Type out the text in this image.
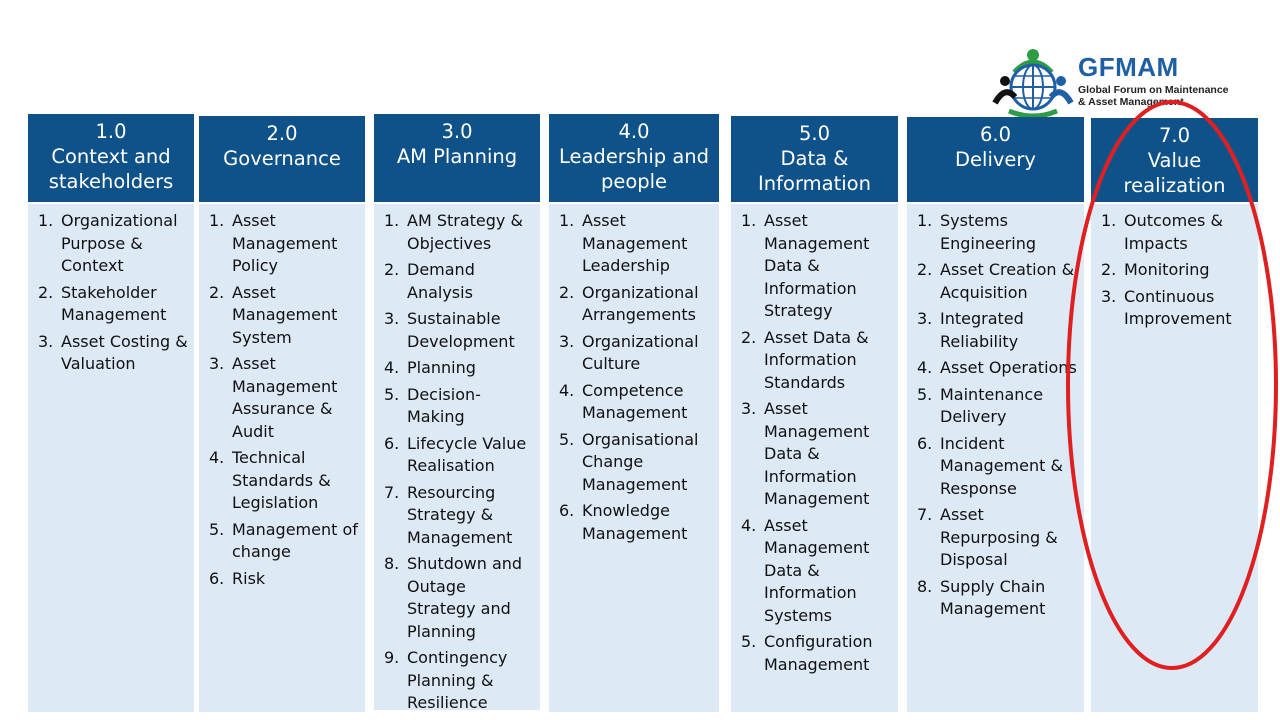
GFMAM
Global Forum on Maintenance
& Asset Management
1.0
Context and
stakeholders
1. Organizational Purpose & Context
2. Stakeholder Management
3. Asset Costing & Valuation
2.0
Governance
1. Asset Management Policy
2. Asset Management System
3. Asset Management Assurance & Audit
4. Technical Standards & Legislation
5. Management of change
6. Risk
3.0
AM Planning
1. AM Strategy & Objectives
2. Demand Analysis
3. Sustainable Development
4. Planning
5. Decision-Making
6. Lifecycle Value Realisation
7. Resourcing Strategy & Management
8. Shutdown and Outage Strategy and Planning
9. Contingency Planning & Resilience
4.0
Leadership and
people
1. Asset Management Leadership
2. Organizational Arrangements
3. Organizational Culture
4. Competence Management
5. Organisational Change Management
6. Knowledge Management
5.0
Data &
Information
1. Asset Management Data & Information Strategy
2. Asset Data & Information Standards
3. Asset Management Data & Information Management
4. Asset Management Data & Information Systems
5. Configuration Management
6.0
Delivery
1. Systems Engineering
2. Asset Creation & Acquisition
3. Integrated Reliability
4. Asset Operations
5. Maintenance Delivery
6. Incident Management & Response
7. Asset Repurposing & Disposal
8. Supply Chain Management
7.0
Value
realization
1. Outcomes & Impacts
2. Monitoring
3. Continuous Improvement
